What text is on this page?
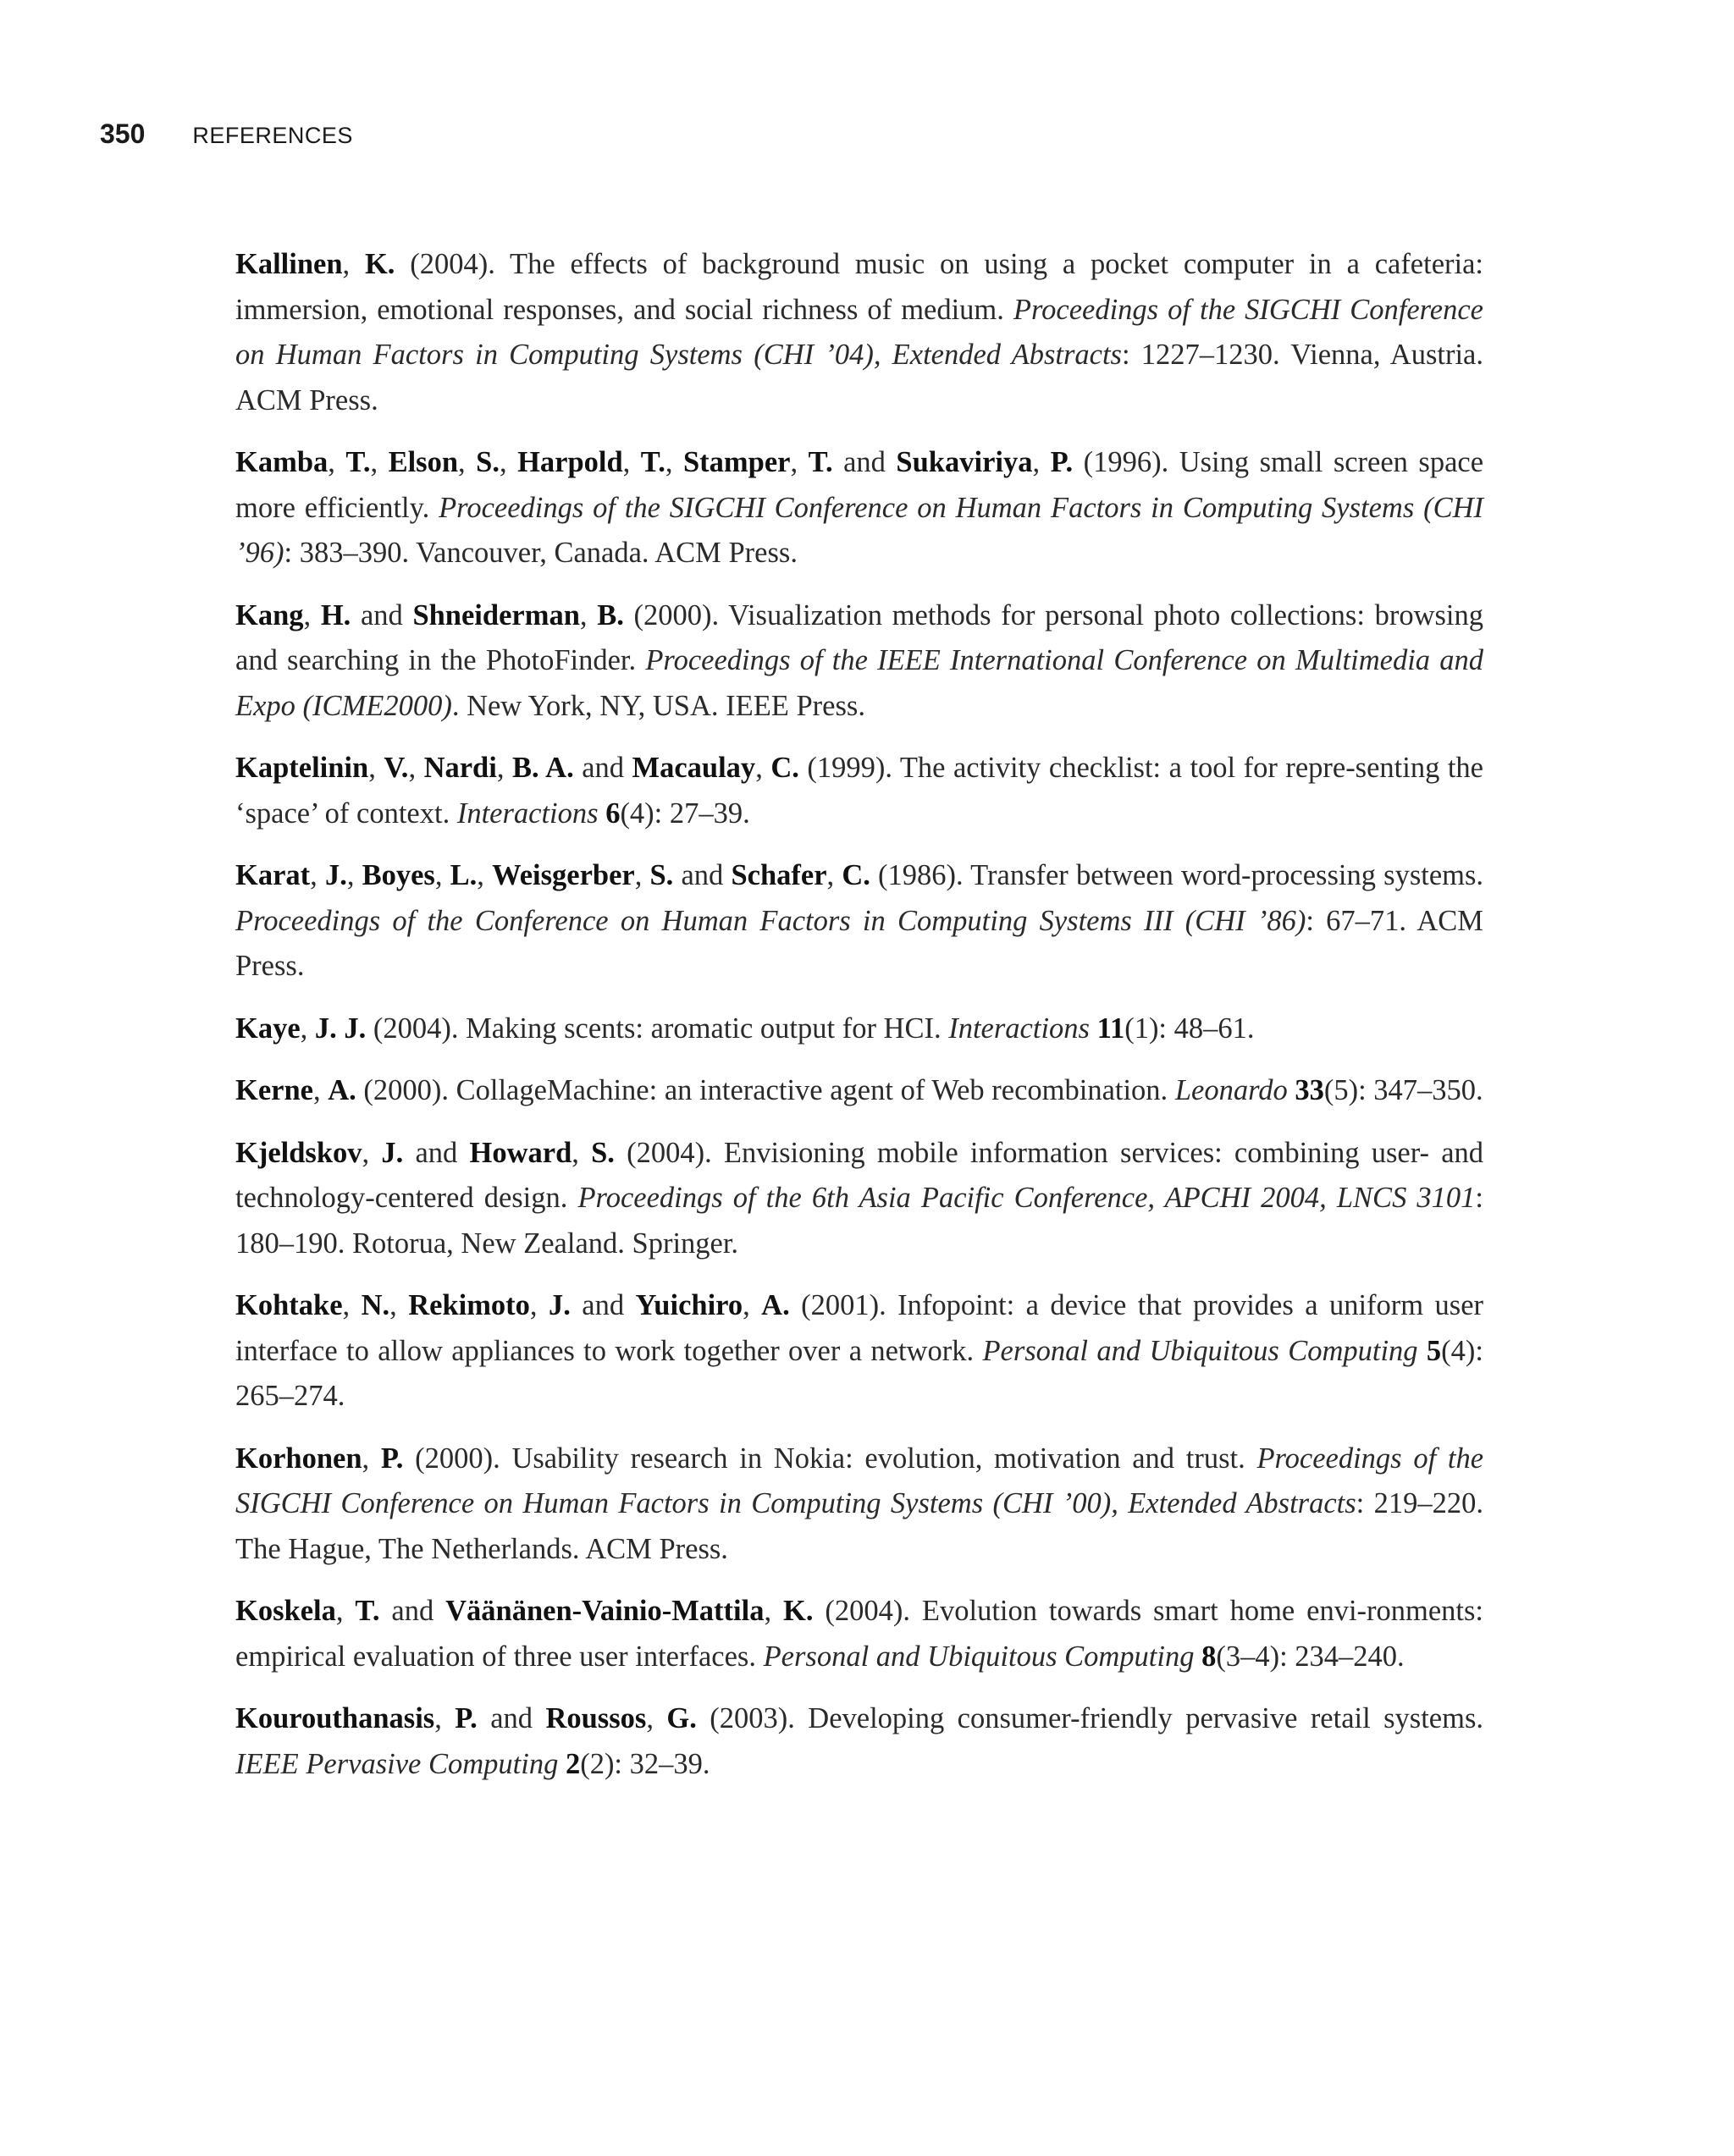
350 REFERENCES

Kallinen, K. (2004). The effects of background music on using a pocket computer in a cafeteria: immersion, emotional responses, and social richness of medium. Proceedings of the SIGCHI Conference on Human Factors in Computing Systems (CHI ’04), Extended Abstracts: 1227–1230. Vienna, Austria. ACM Press.

Kamba, T., Elson, S., Harpold, T., Stamper, T. and Sukaviriya, P. (1996). Using small screen space more efficiently. Proceedings of the SIGCHI Conference on Human Factors in Computing Systems (CHI ’96): 383–390. Vancouver, Canada. ACM Press.

Kang, H. and Shneiderman, B. (2000). Visualization methods for personal photo collections: browsing and searching in the PhotoFinder. Proceedings of the IEEE International Conference on Multimedia and Expo (ICME2000). New York, NY, USA. IEEE Press.

Kaptelinin, V., Nardi, B. A. and Macaulay, C. (1999). The activity checklist: a tool for repre-senting the ‘space’ of context. Interactions 6(4): 27–39.

Karat, J., Boyes, L., Weisgerber, S. and Schafer, C. (1986). Transfer between word-processing systems. Proceedings of the Conference on Human Factors in Computing Systems III (CHI ’86): 67–71. ACM Press.

Kaye, J. J. (2004). Making scents: aromatic output for HCI. Interactions 11(1): 48–61.

Kerne, A. (2000). CollageMachine: an interactive agent of Web recombination. Leonardo 33(5): 347–350.

Kjeldskov, J. and Howard, S. (2004). Envisioning mobile information services: combining user- and technology-centered design. Proceedings of the 6th Asia Pacific Conference, APCHI 2004, LNCS 3101: 180–190. Rotorua, New Zealand. Springer.

Kohtake, N., Rekimoto, J. and Yuichiro, A. (2001). Infopoint: a device that provides a uniform user interface to allow appliances to work together over a network. Personal and Ubiquitous Computing 5(4): 265–274.

Korhonen, P. (2000). Usability research in Nokia: evolution, motivation and trust. Proceedings of the SIGCHI Conference on Human Factors in Computing Systems (CHI ’00), Extended Abstracts: 219–220. The Hague, The Netherlands. ACM Press.

Koskela, T. and Väänänen-Vainio-Mattila, K. (2004). Evolution towards smart home envi-ronments: empirical evaluation of three user interfaces. Personal and Ubiquitous Computing 8(3–4): 234–240.

Kourouthanasis, P. and Roussos, G. (2003). Developing consumer-friendly pervasive retail systems. IEEE Pervasive Computing 2(2): 32–39.
